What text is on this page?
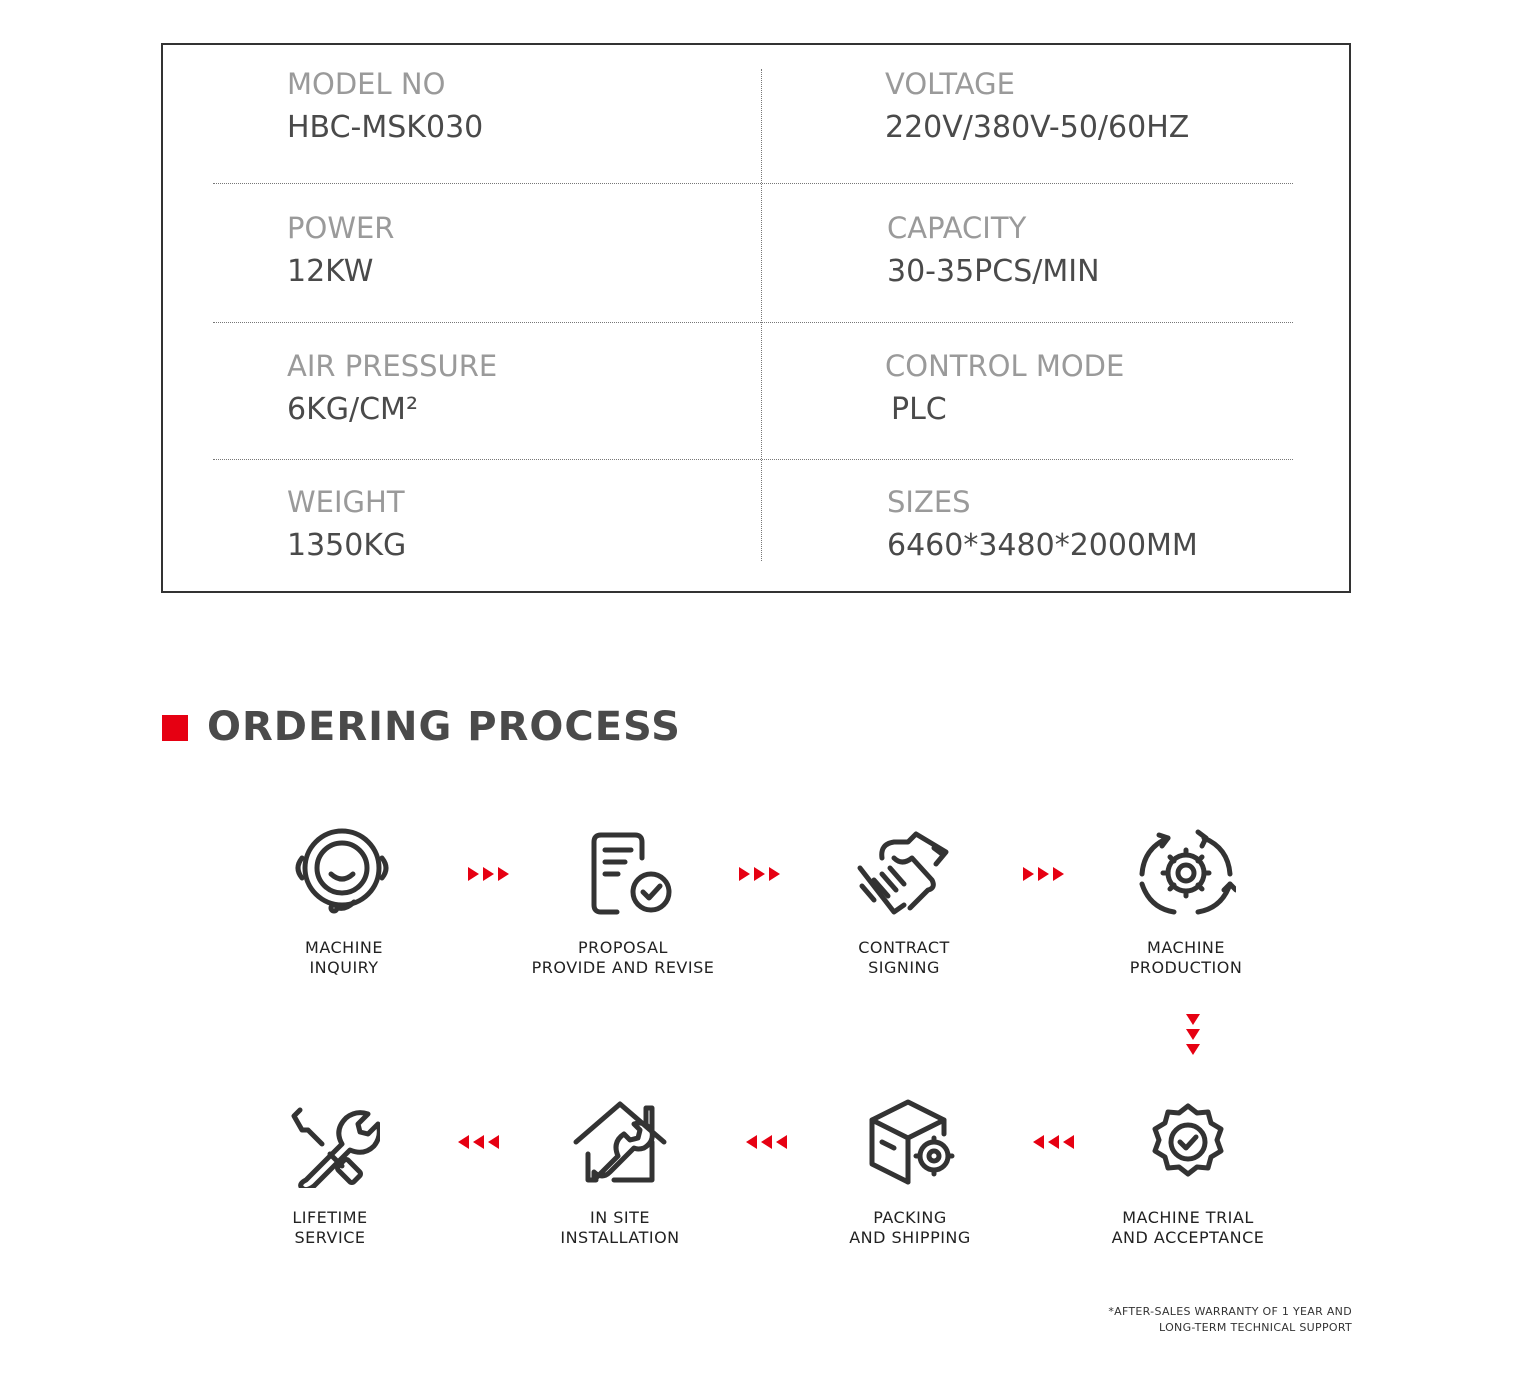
MODEL NO
HBC-MSK030
VOLTAGE
220V/380V-50/60HZ
POWER
12KW
CAPACITY
30-35PCS/MIN
AIR PRESSURE
6KG/CM²
CONTROL MODE
PLC
WEIGHT
1350KG
SIZES
6460*3480*2000MM
ORDERING PROCESS
MACHINE
INQUIRY
PROPOSAL
PROVIDE AND REVISE
CONTRACT
SIGNING
MACHINE
PRODUCTION
MACHINE TRIAL
AND ACCEPTANCE
PACKING
AND SHIPPING
IN SITE
INSTALLATION
LIFETIME
SERVICE
*AFTER-SALES WARRANTY OF 1 YEAR AND
LONG-TERM TECHNICAL SUPPORT
